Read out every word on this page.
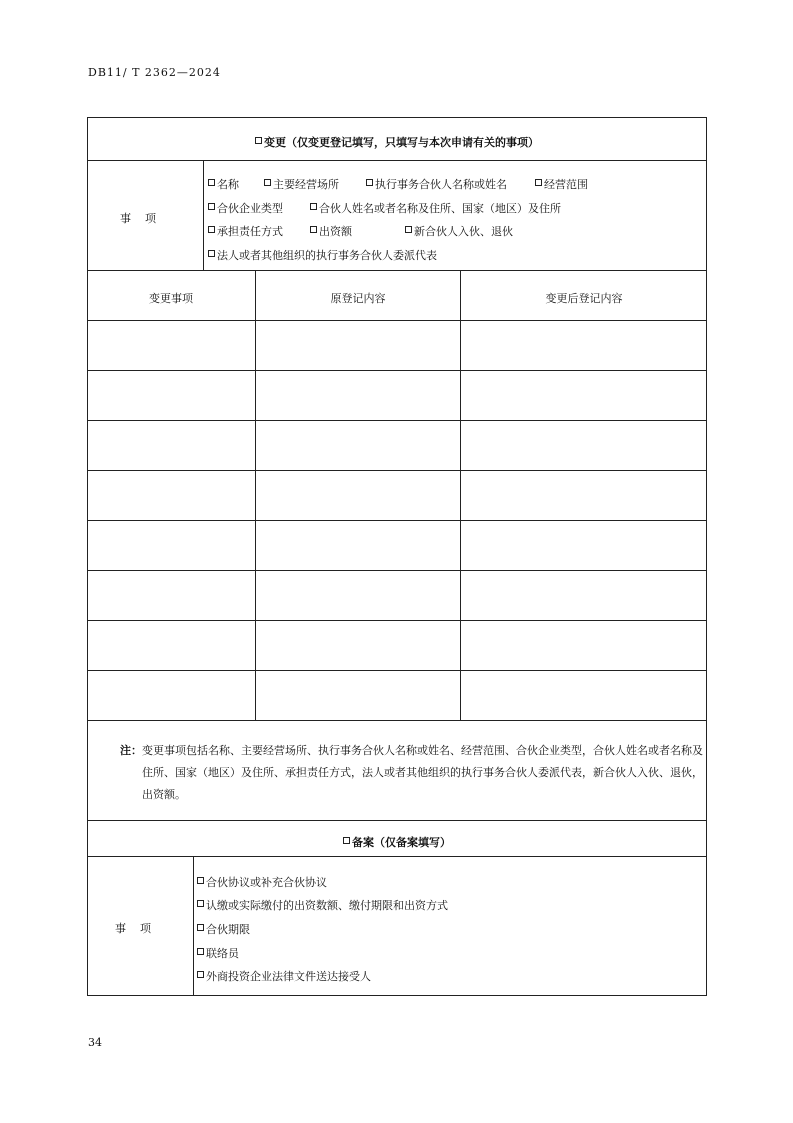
DB11/ T 2362—2024
变更（仅变更登记填写，只填写与本次申请有关的事项）
事    项
名称	主要经营场所	执行事务合伙人名称或姓名	经营范围
合伙企业类型	合伙人姓名或者名称及住所、国家（地区）及住所
承担责任方式	出资额	新合伙人入伙、退伙
法人或者其他组织的执行事务合伙人委派代表
变更事项	原登记内容	变更后登记内容
注： 变更事项包括名称、主要经营场所、执行事务合伙人名称或姓名、经营范围、合伙企业类型，合伙人姓名或者名称及住所、国家（地区）及住所、承担责任方式，法人或者其他组织的执行事务合伙人委派代表，新合伙人入伙、退伙，出资额。
备案（仅备案填写）
事    项
合伙协议或补充合伙协议
认缴或实际缴付的出资数额、缴付期限和出资方式
合伙期限
联络员
外商投资企业法律文件送达接受人
34
